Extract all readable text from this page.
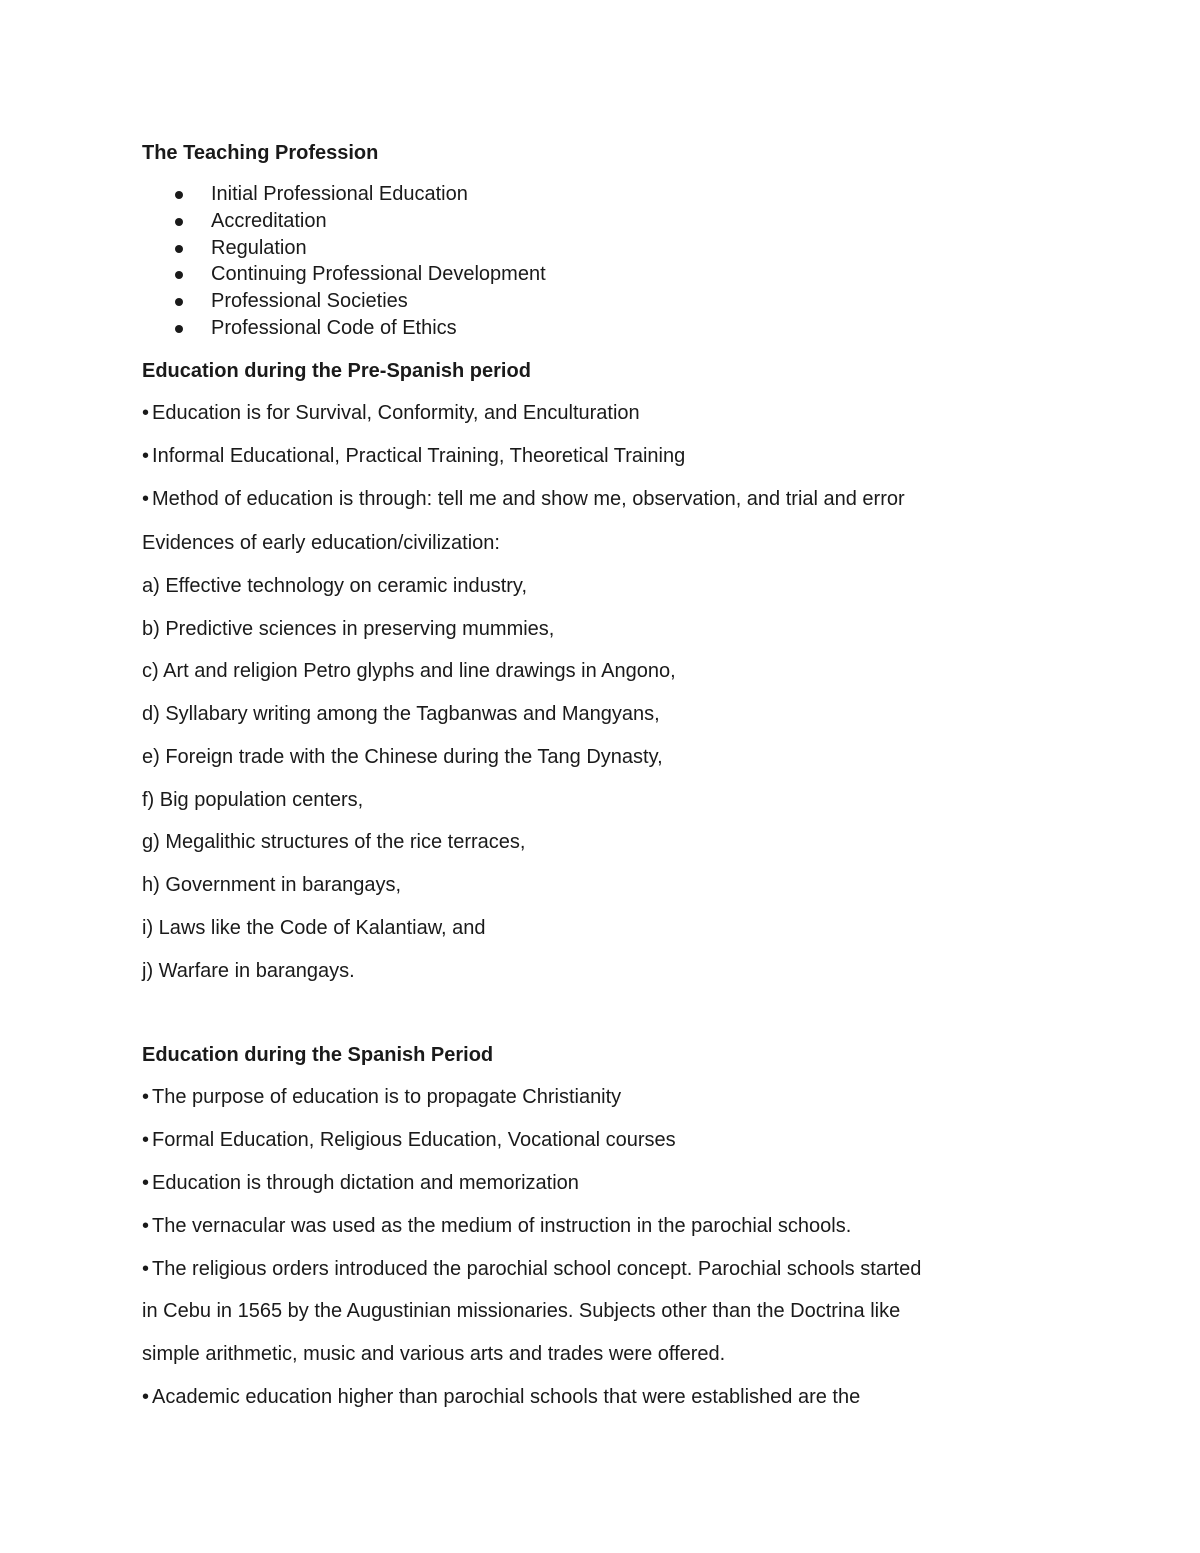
The Teaching Profession
Initial Professional Education
Accreditation
Regulation
Continuing Professional Development
Professional Societies
Professional Code of Ethics
Education during the Pre-Spanish period

• Education is for Survival, Conformity, and Enculturation

• Informal Educational, Practical Training, Theoretical Training

• Method of education is through: tell me and show me, observation, and trial and error

Evidences of early education/civilization:

a) Effective technology on ceramic industry,

b) Predictive sciences in preserving mummies,

c) Art and religion Petro glyphs and line drawings in Angono,

d) Syllabary writing among the Tagbanwas and Mangyans,

e) Foreign trade with the Chinese during the Tang Dynasty,

f) Big population centers,

g) Megalithic structures of the rice terraces,

h) Government in barangays,

i) Laws like the Code of Kalantiaw, and

j) Warfare in barangays.

Education during the Spanish Period

• The purpose of education is to propagate Christianity

• Formal Education, Religious Education, Vocational courses

• Education is through dictation and memorization

• The vernacular was used as the medium of instruction in the parochial schools.

• The religious orders introduced the parochial school concept. Parochial schools started

in Cebu in 1565 by the Augustinian missionaries. Subjects other than the Doctrina like

simple arithmetic, music and various arts and trades were offered.

• Academic education higher than parochial schools that were established are the
